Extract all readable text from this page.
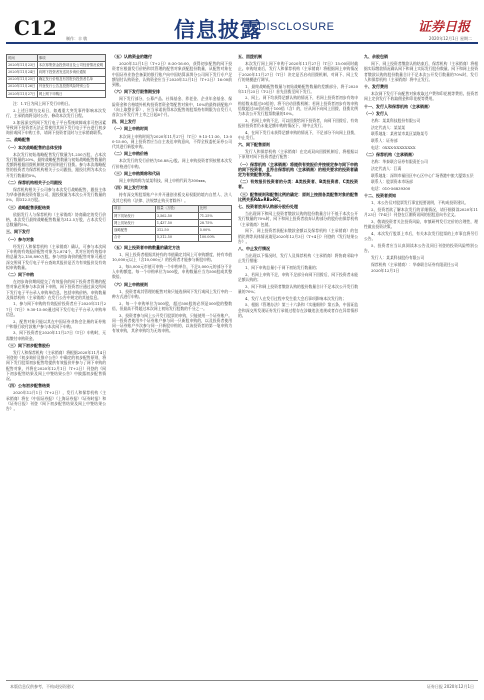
C12	信息披露
DISCLOSURE	证券日报
制作：丰 敏	2020年12月1日 星期二
时间	事项
2020年11月23日	本次募集资金投资项目及公司经营情况说明
2020年11月24日	向网下投资者发送初步询价通知
2020年11月25日	确定发行价格及有效报价投资者名单
2020年11月26日	刊登发行公告及投资风险特别公告
2020年11月27日	网上网下申购日

注：1.T日为网上网下发行申购日。

2.上述日期为交易日，如遇重大突发事件影响本次发行，主承销商将及时公告，修改本次发行日程。

3.如因深交所网下发行电子平台系统故障或非可控因素导致网下投资者无法正常使用其网下发行电子平台进行初步询价或网下申购工作，请网下投资者及时与主承销商联系。

二、战略配售
（一）本次战略配售的总体安排

本次发行初始战略配售发行数量为1,250万股，占本次发行数量的20%，最终战略配售数量与初始战略配售数量的差额将根据回拨机制规定的原则进行回拨。参与本次战略配售的投资者为保荐机构相关子公司跟投，跟投比例为本次公开发行数量的5%。

（二）保荐机构相关子公司跟投

保荐机构相关子公司参与本次发行战略配售，跟投主体为华泰创新投资有限公司，跟投数量为本次公开发行数量的5%，即312.5万股。

（三）战略配售获配结果

依据发行人与保荐机构（主承销商）协商确定的发行价格，本次发行最终战略配售数量为312.5万股，占本次发行总数量的5%。

三、网下发行
（一）参与对象

经发行人和保荐机构（主承销商）确认，可参与本次网下申购的有效报价配售对象为2,874个，其对应的有效拟申购总量为2,150,890万股。参与初步询价的配售对象可通过深交所网下发行电子平台查询其报价是否为有效报价及有效拟申购数量。

（二）网下申购

在初步询价期间提交了有效报价的网下投资者管理的配售对象必须参与本次网下申购，网下投资者应通过深交所网下发行电子平台录入申购单信息，包括申购价格、申购数量及保荐机构（主承销商）在发行公告中规定的其他信息。

1、参与网下申购的有效报价投资者应于2020年11月27日（T日）9:30-15:00通过网下发行电子平台录入申购单信息。

2、配售对象只能以其在中国证券业协会注册的证券账户和银行收付款账户参与本次网下申购。

3、网下投资者在2020年11月27日（T日）申购时，无需缴付申购资金。

（三）网下初步配售股份

发行人和保荐机构（主承销商）将根据2020年11月4日刊登的《初步询价及推介公告》中确定的初步配售原则，将网下发行股票初步配售给提供有效报价并参与了网下申购的配售对象，并将在2020年12月1日（T+2日）刊登的《网下初步配售结果及网上中签结果公告》中披露初步配售情况。

（四）公布初步配售结果

2020年12月1日（T+2日），发行人和保荐机构（主承销商）将在《中国证券报》《上海证券报》《证券时报》和《证券日报》刊登《网下初步配售结果及网上中签结果公告》。

（五）认购资金的缴付

2020年12月1日（T+2日）8:30-16:00，获得初步配售的网下投资者应根据发行价格和其管理的配售对象获配股份数量，从配售对象在中国证券业协会备案的银行账户向中国结算深圳分公司网下发行专户足额划付认购资金，认购资金应当于2020年12月1日（T+2日）16:00前到账。

（六）网下发行限售期安排

网下发行部分，公募产品、社保基金、养老金、企业年金基金、保险资金和合格境外机构投资者资金等配售对象中，10%的最终获配账户（向上取整计算），应当承诺获得本次配售的股票持有期限为自发行人首次公开发行并上市之日起6个月。

四、网上发行
（一）网上申购时间

本次网上申购时间为2020年11月27日（T日）9:15-11:30、13:00-15:00。网上投资者应当自主表达申购意向，不得全权委托证券公司代其进行新股申购。

（二）网上申购价格

本次发行的发行价格为16.88元/股。网上申购投资者须按照本次发行价格进行申购。

（三）网上申购简称和代码

网上申购简称为某某科技，网上申购代码为300xxx。

（四）网上发行对象

持有深交所股票账户卡并开通创业板交易权限的境内自然人、法人及其它机构（法律、法规禁止购买者除外）。

项目	数量（万股）	比例
网下初始发行	3,562.50	71.25%
网上初始发行	1,437.50	28.75%
战略配售	312.50	5.00%
合计	5,312.50	100.00%
（五）网上投资者申购数量的确定方法

1、网上投资者根据其持有的市值确定其网上可申购额度，持有市值10,000元以上（含10,000元）的投资者才能参与新股申购。

2、每5,000元市值可申购一个申购单位，不足5,000元的部分不计入申购额度。每一个申购单位为500股，申购数量应当为500股或其整数倍。

（六）网上申购规则

1、投资者或其管理的配售对象只能选择网下发行或网上发行中的一种方式进行申购。

2、每一个申购单位为500股，超过500股的必须是500股的整数倍，但最高不得超过本次网上初始发行股数的千分之一。

3、投资者参与网上公开发行股票的申购，只能使用一个证券账户。同一投资者使用多个证券账户参与同一只新股申购的，以及投资者使用同一证券账户多次参与同一只新股申购的，以该投资者的第一笔申购为有效申购，其余申购均为无效申购。

五、回拨机制

本次发行网上网下申购于2020年11月27日（T日）15:00同时截止。申购结束后，发行人和保荐机构（主承销商）将根据网上申购情况于2020年11月27日（T日）决定是否启动回拨机制，对网下、网上发行的规模进行调节。

1、最终战略配售数量与初始战略配售数量的差额部分，将于2020年11月25日（T-2日）首先回拨至网下发行。

2、网上、网下均获得足额认购的情况下，若网上投资者初步有效申购倍数未超过50倍的，将不启动回拨机制；若网上投资者初步有效申购倍数超过50倍但低于100倍（含）的，应从网下向网上回拨，回拨比例为本次公开发行股票数量的10%。

3、若网上申购不足，可以回拨给网下投资者，向网下回拨后，有效报价投资者仍未能足额申购的情况下，则中止发行。

4、在网下发行未获得足额申购的情况下，不足部分不向网上回拨，中止发行。

六、网下配售原则

发行人和保荐机构（主承销商）在完成双向回拨机制后，将根据以下原则对网下投资者进行配售：

（一）保荐机构（主承销商）将提供有效报价并按规定参与网下申购的网下投资者，且符合保荐机构（主承销商）的相关要求的投资者确定为有效配售对象。
（二）有效报价投资者的分类：A类投资者、B类投资者、C类投资者。
（三）配售规则和配售比例的确定：原则上按照各类配售对象的配售比例关系RA≥RB≥RC。
七、投资者放弃认购部分股份处理

当出现网下和网上投资者缴款认购的股份数量合计不低于本次公开发行数量的70%时，网下和网上投资者放弃认购部分的股份由保荐机构（主承销商）包销。

网下、网上投资者获配未缴款金额以及保荐机构（主承销商）的包销比例等具体情况请见2020年12月3日（T+4日）刊登的《发行结果公告》。

八、中止发行情况

当出现以下情况时，发行人及保荐机构（主承销商）将协商采取中止发行措施：

1、网下申购总量小于网下初始发行数量的；

2、若网上申购不足，申购不足部分向网下回拨后，网下投资者未能足额认购的；

3、网下和网上投资者缴款认购的股份数量合计不足本次公开发行数量的70%；

4、发行人在发行过程中发生重大会后事项影响本次发行的；

5、根据《管理办法》第三十六条和《实施细则》第五条，中国证监会和深交所发现证券发行承销过程存在涉嫌违法违规或者存在异常情形的。

九、余股包销

网下、网上投资者缴款认购结束后，保荐机构（主承销商）将根据实际缴款情况确认网下和网上实际发行股份数量。网下和网上投资者缴款认购的股份数量合计不足本次公开发行数量的70%时，发行人和保荐机构（主承销商）将中止发行。

十、发行费用

本次网下发行不向配售对象收取过户费和印花税等费用。投资者网上定价发行不收取佣金和印花税等费用。

十一、发行人和保荐机构（主承销商）
（一）发行人

名称：某某科技股份有限公司

法定代表人：某某某

联系地址：某省某市某区某路某号

联系人：证券部

电话：0XXX-XXXXXXXX

（二）保荐机构（主承销商）

名称：华泰联合证券有限责任公司

法定代表人：江禹

联系地址：深圳市福田区中心区中心广场香港中旅大厦第五层

联系人：股票资本市场部

电话：010-56839300

十二、投资者须知

1、本公告仅对股票发行事宜扼要说明，不构成投资建议。

2、投资者欲了解本次发行的详细情况，请仔细阅读2020年11月23日（T-4日）刊登在巨潮资讯网的招股意向书全文。

3、敬请投资者关注投资风险，审慎研判发行定价的合理性，理性做出投资决策。

4、本次发行股票上市后，有关本次发行股票的上市事宜将另行公告。

5、投资者应当认真阅读本公告及同日刊登的投资风险特别公告。

发行人：某某科技股份有限公司

保荐机构（主承销商）：华泰联合证券有限责任公司

2020年12月1日

本版信息仅供参考，不构成投资建议	证券日报 2020年12月1日
